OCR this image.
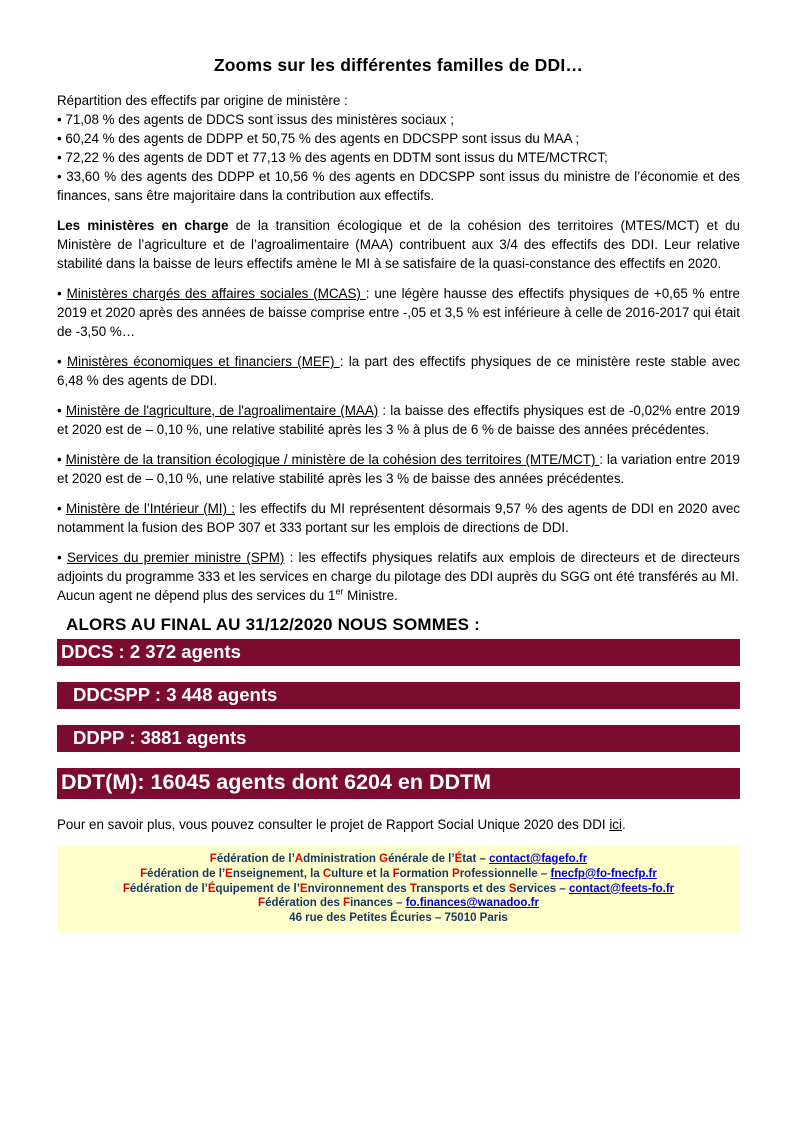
Zooms sur les différentes familles de DDI…
Répartition des effectifs par origine de ministère :
• 71,08 % des agents de DDCS sont issus des ministères sociaux ;
• 60,24 % des agents de DDPP et 50,75 % des agents en DDCSPP sont issus du MAA ;
• 72,22 % des agents de DDT et 77,13 % des agents en DDTM sont issus du MTE/MCTRCT;
• 33,60 % des agents des DDPP et 10,56 % des agents en DDCSPP sont issus du ministre de l’économie et des finances, sans être majoritaire dans la contribution aux effectifs.

Les ministères en charge de la transition écologique et de la cohésion des territoires (MTES/MCT) et du Ministère de l’agriculture et de l’agroalimentaire (MAA) contribuent aux 3/4 des effectifs des DDI. Leur relative stabilité dans la baisse de leurs effectifs amène le MI à se satisfaire de la quasi-constance des effectifs en 2020.

• Ministères chargés des affaires sociales (MCAS) : une légère hausse des effectifs physiques de +0,65 % entre 2019 et 2020 après des années de baisse comprise entre -,05 et 3,5 % est inférieure à celle de 2016-2017 qui était de -3,50 %…

• Ministères économiques et financiers (MEF) : la part des effectifs physiques de ce ministère reste stable avec 6,48 % des agents de DDI.

• Ministère de l'agriculture, de l'agroalimentaire (MAA) : la baisse des effectifs physiques est de -0,02% entre 2019 et 2020 est de – 0,10 %, une relative stabilité après les 3 % à plus de 6 % de baisse des années précédentes.

• Ministère de la transition écologique / ministère de la cohésion des territoires (MTE/MCT) : la variation entre 2019 et 2020 est de – 0,10 %, une relative stabilité après les 3 % de baisse des années précédentes.

• Ministère de l’Intérieur (MI) : les effectifs du MI représentent désormais 9,57 % des agents de DDI en 2020 avec notamment la fusion des BOP 307 et 333 portant sur les emplois de directions de DDI.

• Services du premier ministre (SPM) : les effectifs physiques relatifs aux emplois de directeurs et de directeurs adjoints du programme 333 et les services en charge du pilotage des DDI auprès du SGG ont été transférés au MI.

Aucun agent ne dépend plus des services du 1er Ministre.

ALORS AU FINAL AU 31/12/2020 NOUS SOMMES :
DDCS : 2 372 agents
DDCSPP : 3 448 agents
DDPP : 3881 agents
DDT(M): 16045 agents dont 6204 en DDTM

Pour en savoir plus, vous pouvez consulter le projet de Rapport Social Unique 2020 des DDI ici.

Fédération de l’Administration Générale de l’État – contact@fagefo.fr
Fédération de l’Enseignement, la Culture et la Formation Professionnelle – fnecfp@fo-fnecfp.fr
Fédération de l’Équipement de l’Environnement des Transports et des Services – contact@feets-fo.fr
Fédération des Finances – fo.finances@wanadoo.fr
46 rue des Petites Écuries – 75010 Paris
